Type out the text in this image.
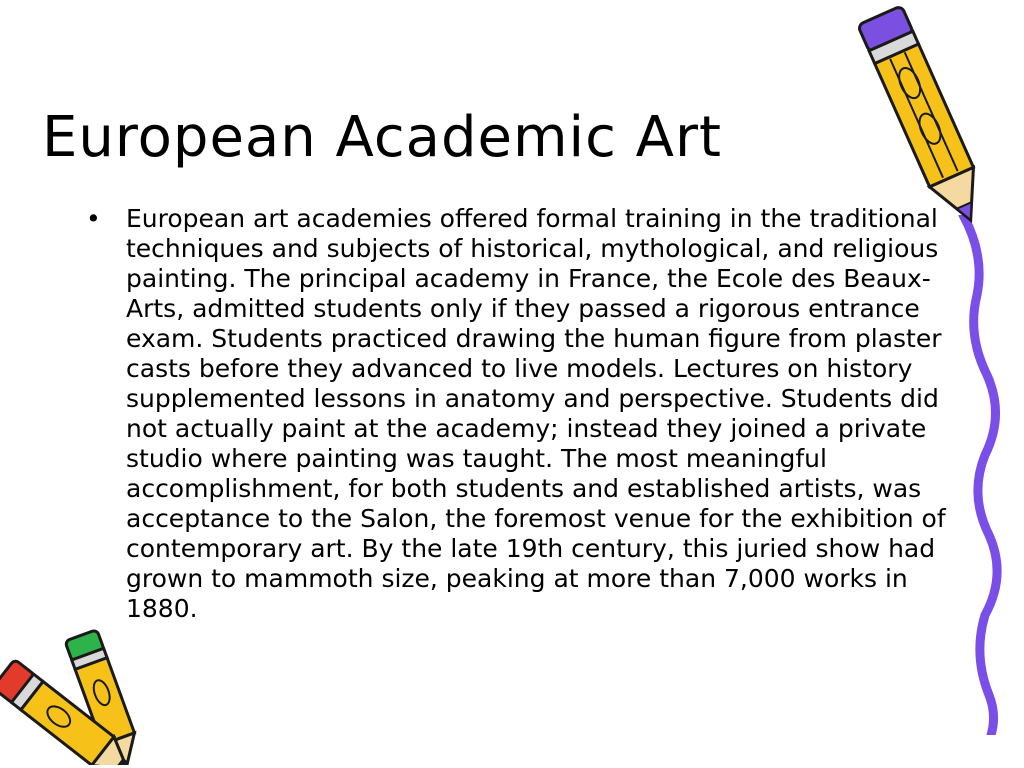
European Academic Art
• European art academies offered formal training in the traditional techniques and subjects of historical, mythological, and religious painting. The principal academy in France, the Ecole des Beaux-Arts, admitted students only if they passed a rigorous entrance exam. Students practiced drawing the human figure from plaster casts before they advanced to live models. Lectures on history supplemented lessons in anatomy and perspective. Students did not actually paint at the academy; instead they joined a private studio where painting was taught. The most meaningful accomplishment, for both students and established artists, was acceptance to the Salon, the foremost venue for the exhibition of contemporary art. By the late 19th century, this juried show had grown to mammoth size, peaking at more than 7,000 works in 1880.
